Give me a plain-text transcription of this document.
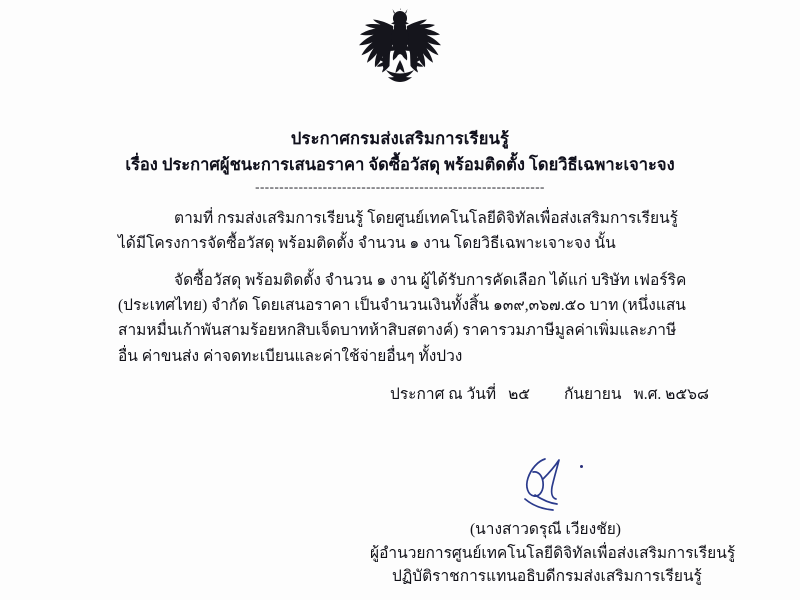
ประกาศกรมส่งเสริมการเรียนรู้
เรื่อง ประกาศผู้ชนะการเสนอราคา จัดซื้อวัสดุ พร้อมติดตั้ง โดยวิธีเฉพาะเจาะจง
------------------------------------------------------------

ตามที่ กรมส่งเสริมการเรียนรู้ โดยศูนย์เทคโนโลยีดิจิทัลเพื่อส่งเสริมการเรียนรู้ ได้มีโครงการจัดซื้อวัสดุ พร้อมติดตั้ง จำนวน ๑ งาน โดยวิธีเฉพาะเจาะจง นั้น

จัดซื้อวัสดุ พร้อมติดตั้ง จำนวน ๑ งาน ผู้ได้รับการคัดเลือก ได้แก่ บริษัท เฟอร์ริค (ประเทศไทย) จำกัด โดยเสนอราคา เป็นจำนวนเงินทั้งสิ้น ๑๓๙,๓๖๗.๕๐ บาท (หนึ่งแสนสามหมื่นเก้าพันสามร้อยหกสิบเจ็ดบาทห้าสิบสตางค์) ราคารวมภาษีมูลค่าเพิ่มและภาษีอื่น ค่าขนส่ง ค่าจดทะเบียนและค่าใช้จ่ายอื่นๆ ทั้งปวง

ประกาศ ณ วันที่ ๒๕ กันยายน พ.ศ. ๒๕๖๘
(นางสาวดรุณี เวียงชัย)
ผู้อำนวยการศูนย์เทคโนโลยีดิจิทัลเพื่อส่งเสริมการเรียนรู้
ปฏิบัติราชการแทนอธิบดีกรมส่งเสริมการเรียนรู้
